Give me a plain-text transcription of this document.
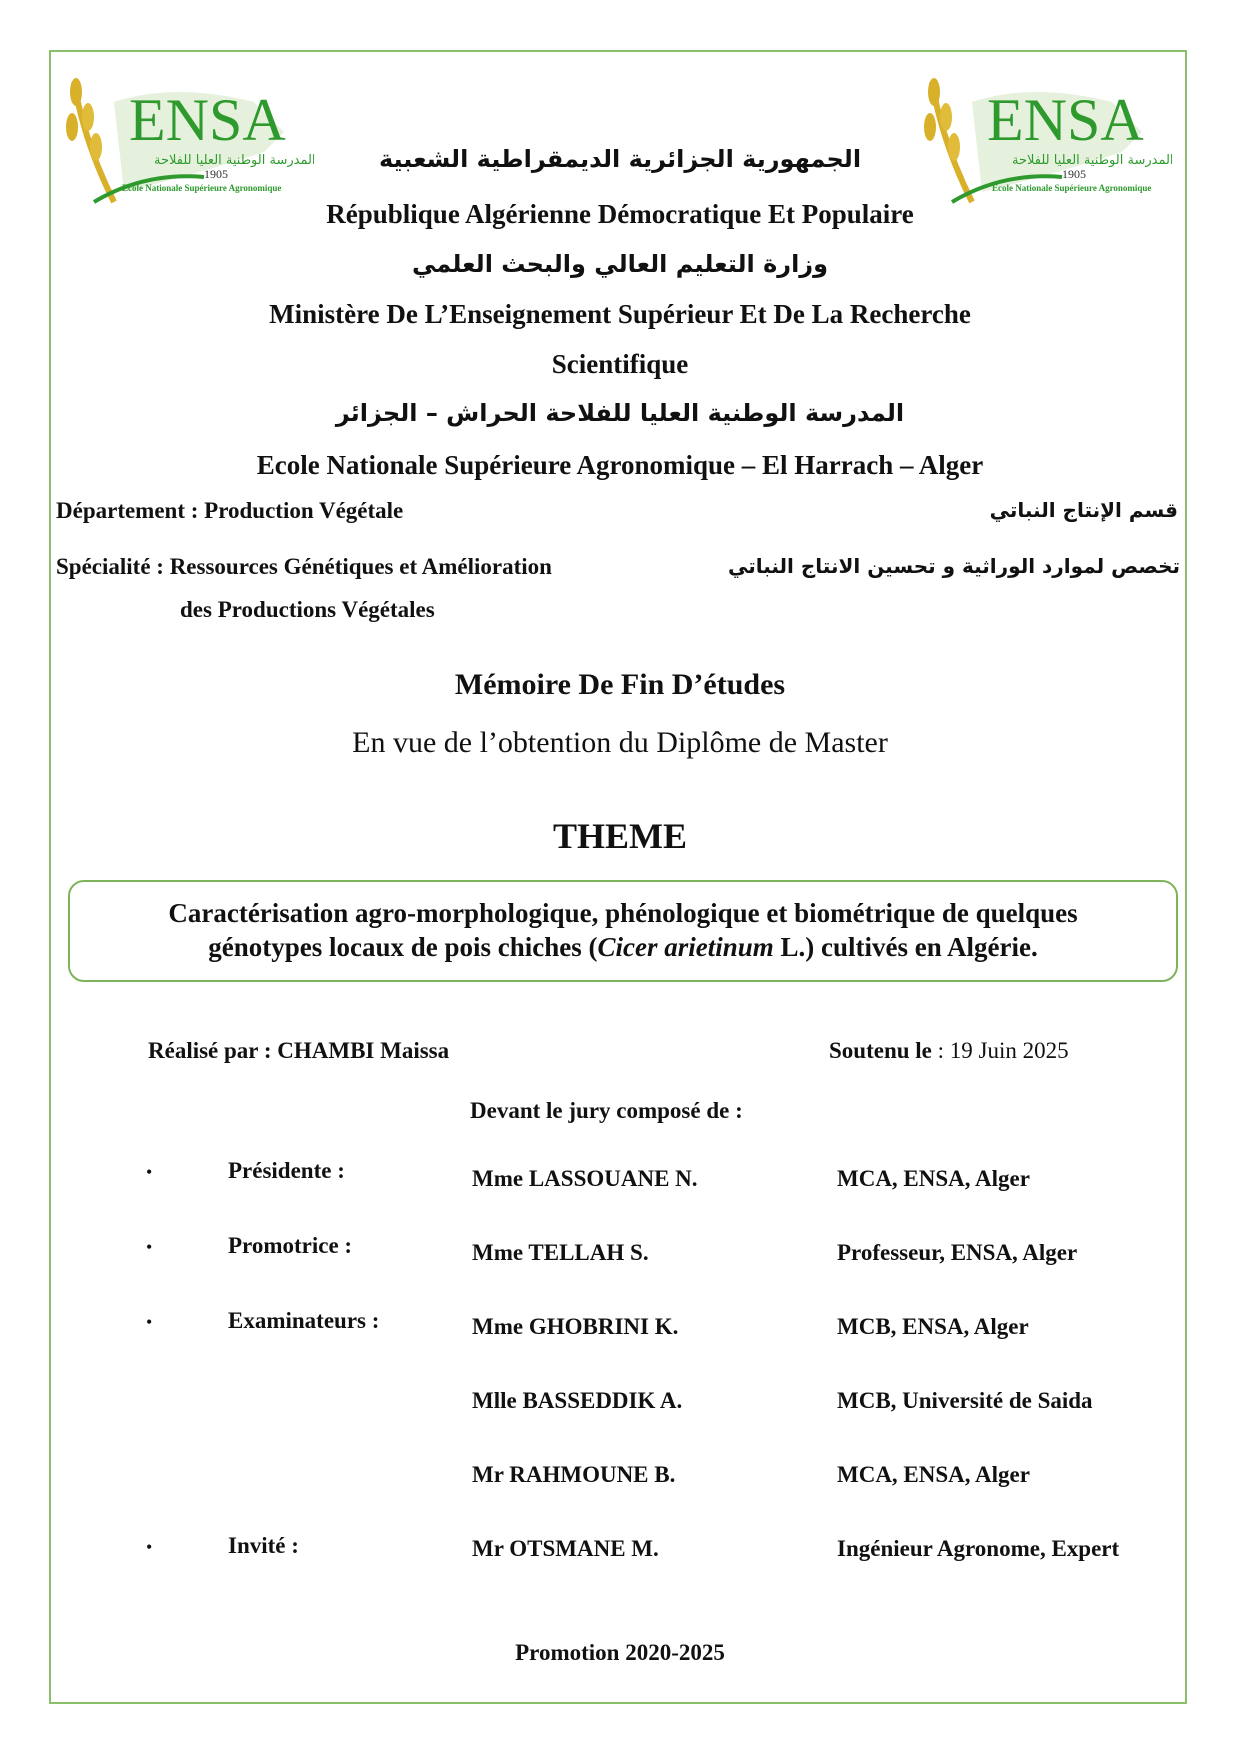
ENSA
المدرسة الوطنية العليا للفلاحة
1905
Ecole Nationale Supérieure Agronomique
ENSA
المدرسة الوطنية العليا للفلاحة
1905
Ecole Nationale Supérieure Agronomique
الجمهورية الجزائرية الديمقراطية الشعبية
République Algérienne Démocratique Et Populaire
وزارة التعليم العالي والبحث العلمي
Ministère De L’Enseignement Supérieur Et De La Recherche
Scientifique
المدرسة الوطنية العليا للفلاحة الحراش – الجزائر
Ecole Nationale Supérieure Agronomique – El Harrach – Alger
Département : Production Végétale	قسم الإنتاج النباتي
Spécialité : Ressources Génétiques et Amélioration
des Productions Végétales
تخصص لموارد الوراثية و تحسين الانتاج النباتي
Mémoire De Fin D’études
En vue de l’obtention du Diplôme de Master
THEME
Caractérisation agro-morphologique, phénologique et biométrique de quelques
génotypes locaux de pois chiches (Cicer arietinum L.) cultivés en Algérie.
Réalisé par : CHAMBI Maissa	Soutenu le : 19 Juin 2025
Devant le jury composé de :
•	Présidente :	Mme LASSOUANE N.	MCA, ENSA, Alger
•	Promotrice :	Mme TELLAH S.	Professeur, ENSA, Alger
•	Examinateurs :	Mme GHOBRINI K.	MCB, ENSA, Alger
Mlle BASSEDDIK A.	MCB, Université de Saida
Mr RAHMOUNE B.	MCA, ENSA, Alger
•	Invité :	Mr OTSMANE M.	Ingénieur Agronome, Expert
Promotion 2020-2025
